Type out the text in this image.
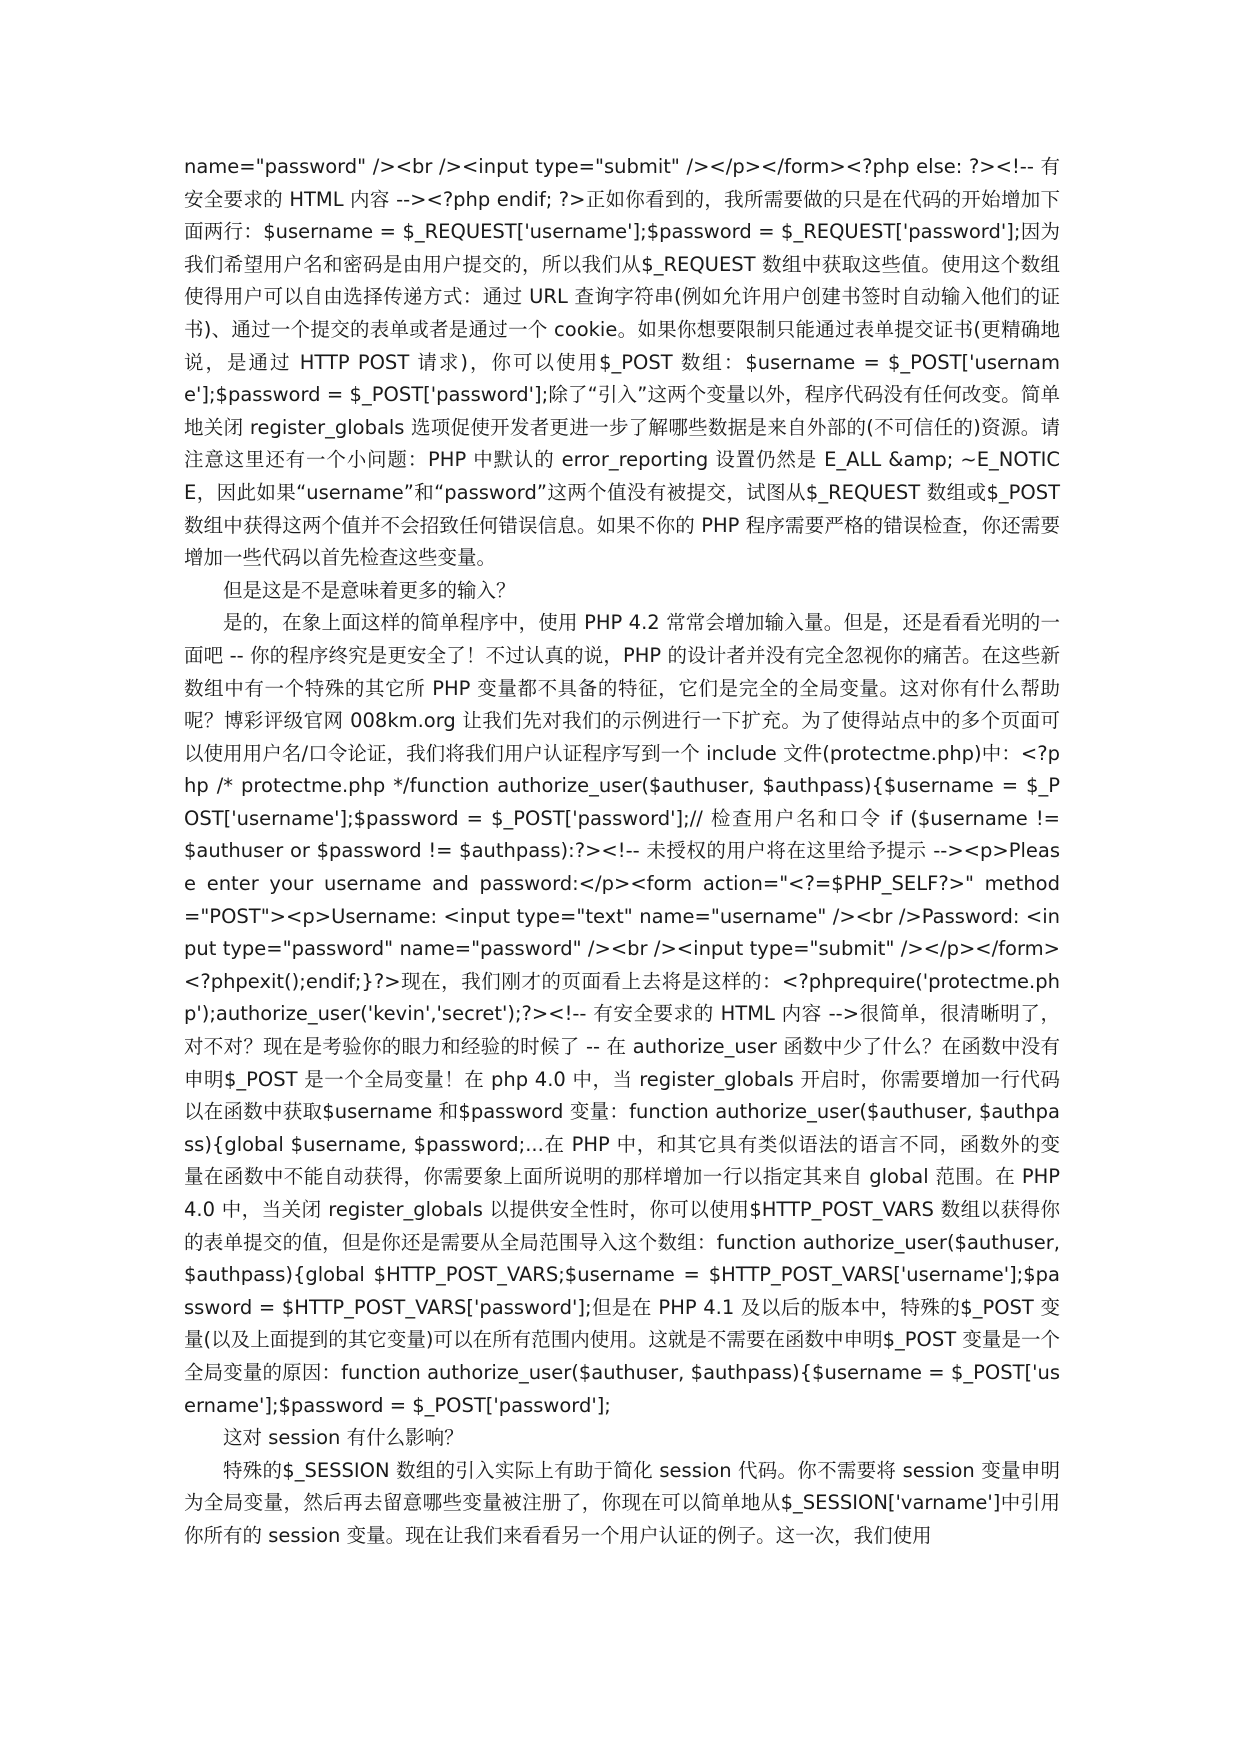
name="password" /><br /><input type="submit" /></p></form><?php else: ?><!-- 有安全要求的 HTML 内容 --><?php endif; ?>正如你看到的，我所需要做的只是在代码的开始增加下面两行：$username = $_REQUEST['username'];$password = $_REQUEST['password'];因为我们希望用户名和密码是由用户提交的，所以我们从$_REQUEST 数组中获取这些值。使用这个数组使得用户可以自由选择传递方式：通过 URL 查询字符串(例如允许用户创建书签时自动输入他们的证书)、通过一个提交的表单或者是通过一个 cookie。如果你想要限制只能通过表单提交证书(更精确地说，是通过 HTTP POST 请求)，你可以使用$_POST 数组：$username = $_POST['username'];$password = $_POST['password'];除了“引入”这两个变量以外，程序代码没有任何改变。简单地关闭 register_globals 选项促使开发者更进一步了解哪些数据是来自外部的(不可信任的)资源。请注意这里还有一个小问题：PHP 中默认的 error_reporting 设置仍然是 E_ALL &amp; ~E_NOTICE，因此如果“username”和“password”这两个值没有被提交，试图从$_REQUEST 数组或$_POST 数组中获得这两个值并不会招致任何错误信息。如果不你的 PHP 程序需要严格的错误检查，你还需要增加一些代码以首先检查这些变量。

但是这是不是意味着更多的输入？

是的，在象上面这样的简单程序中，使用 PHP 4.2 常常会增加输入量。但是，还是看看光明的一面吧 -- 你的程序终究是更安全了！不过认真的说，PHP 的设计者并没有完全忽视你的痛苦。在这些新数组中有一个特殊的其它所 PHP 变量都不具备的特征，它们是完全的全局变量。这对你有什么帮助呢？博彩评级官网 008km.org 让我们先对我们的示例进行一下扩充。为了使得站点中的多个页面可以使用用户名/口令论证，我们将我们用户认证程序写到一个 include 文件(protectme.php)中：<?php /* protectme.php */function authorize_user($authuser, $authpass){$username = $_POST['username'];$password = $_POST['password'];// 检查用户名和口令 if ($username != $authuser or $password != $authpass):?><!-- 未授权的用户将在这里给予提示 --><p>Please enter your username and password:</p><form action="<?=$PHP_SELF?>" method="POST"><p>Username: <input type="text" name="username" /><br />Password: <input type="password" name="password" /><br /><input type="submit" /></p></form><?phpexit();endif;}?>现在，我们刚才的页面看上去将是这样的：<?phprequire('protectme.php');authorize_user('kevin','secret');?><!-- 有安全要求的 HTML 内容 -->很简单，很清晰明了，对不对？现在是考验你的眼力和经验的时候了 -- 在 authorize_user 函数中少了什么？在函数中没有申明$_POST 是一个全局变量！在 php 4.0 中，当 register_globals 开启时，你需要增加一行代码以在函数中获取$username 和$password 变量：function authorize_user($authuser, $authpass){global $username, $password;...在 PHP 中，和其它具有类似语法的语言不同，函数外的变量在函数中不能自动获得，你需要象上面所说明的那样增加一行以指定其来自 global 范围。在 PHP 4.0 中，当关闭 register_globals 以提供安全性时，你可以使用$HTTP_POST_VARS 数组以获得你的表单提交的值，但是你还是需要从全局范围导入这个数组：function authorize_user($authuser, $authpass){global $HTTP_POST_VARS;$username = $HTTP_POST_VARS['username'];$password = $HTTP_POST_VARS['password'];但是在 PHP 4.1 及以后的版本中，特殊的$_POST 变量(以及上面提到的其它变量)可以在所有范围内使用。这就是不需要在函数中申明$_POST 变量是一个全局变量的原因：function authorize_user($authuser, $authpass){$username = $_POST['username'];$password = $_POST['password'];

这对 session 有什么影响？

特殊的$_SESSION 数组的引入实际上有助于简化 session 代码。你不需要将 session 变量申明为全局变量，然后再去留意哪些变量被注册了，你现在可以简单地从$_SESSION['varname']中引用你所有的 session 变量。现在让我们来看看另一个用户认证的例子。这一次，我们使用
